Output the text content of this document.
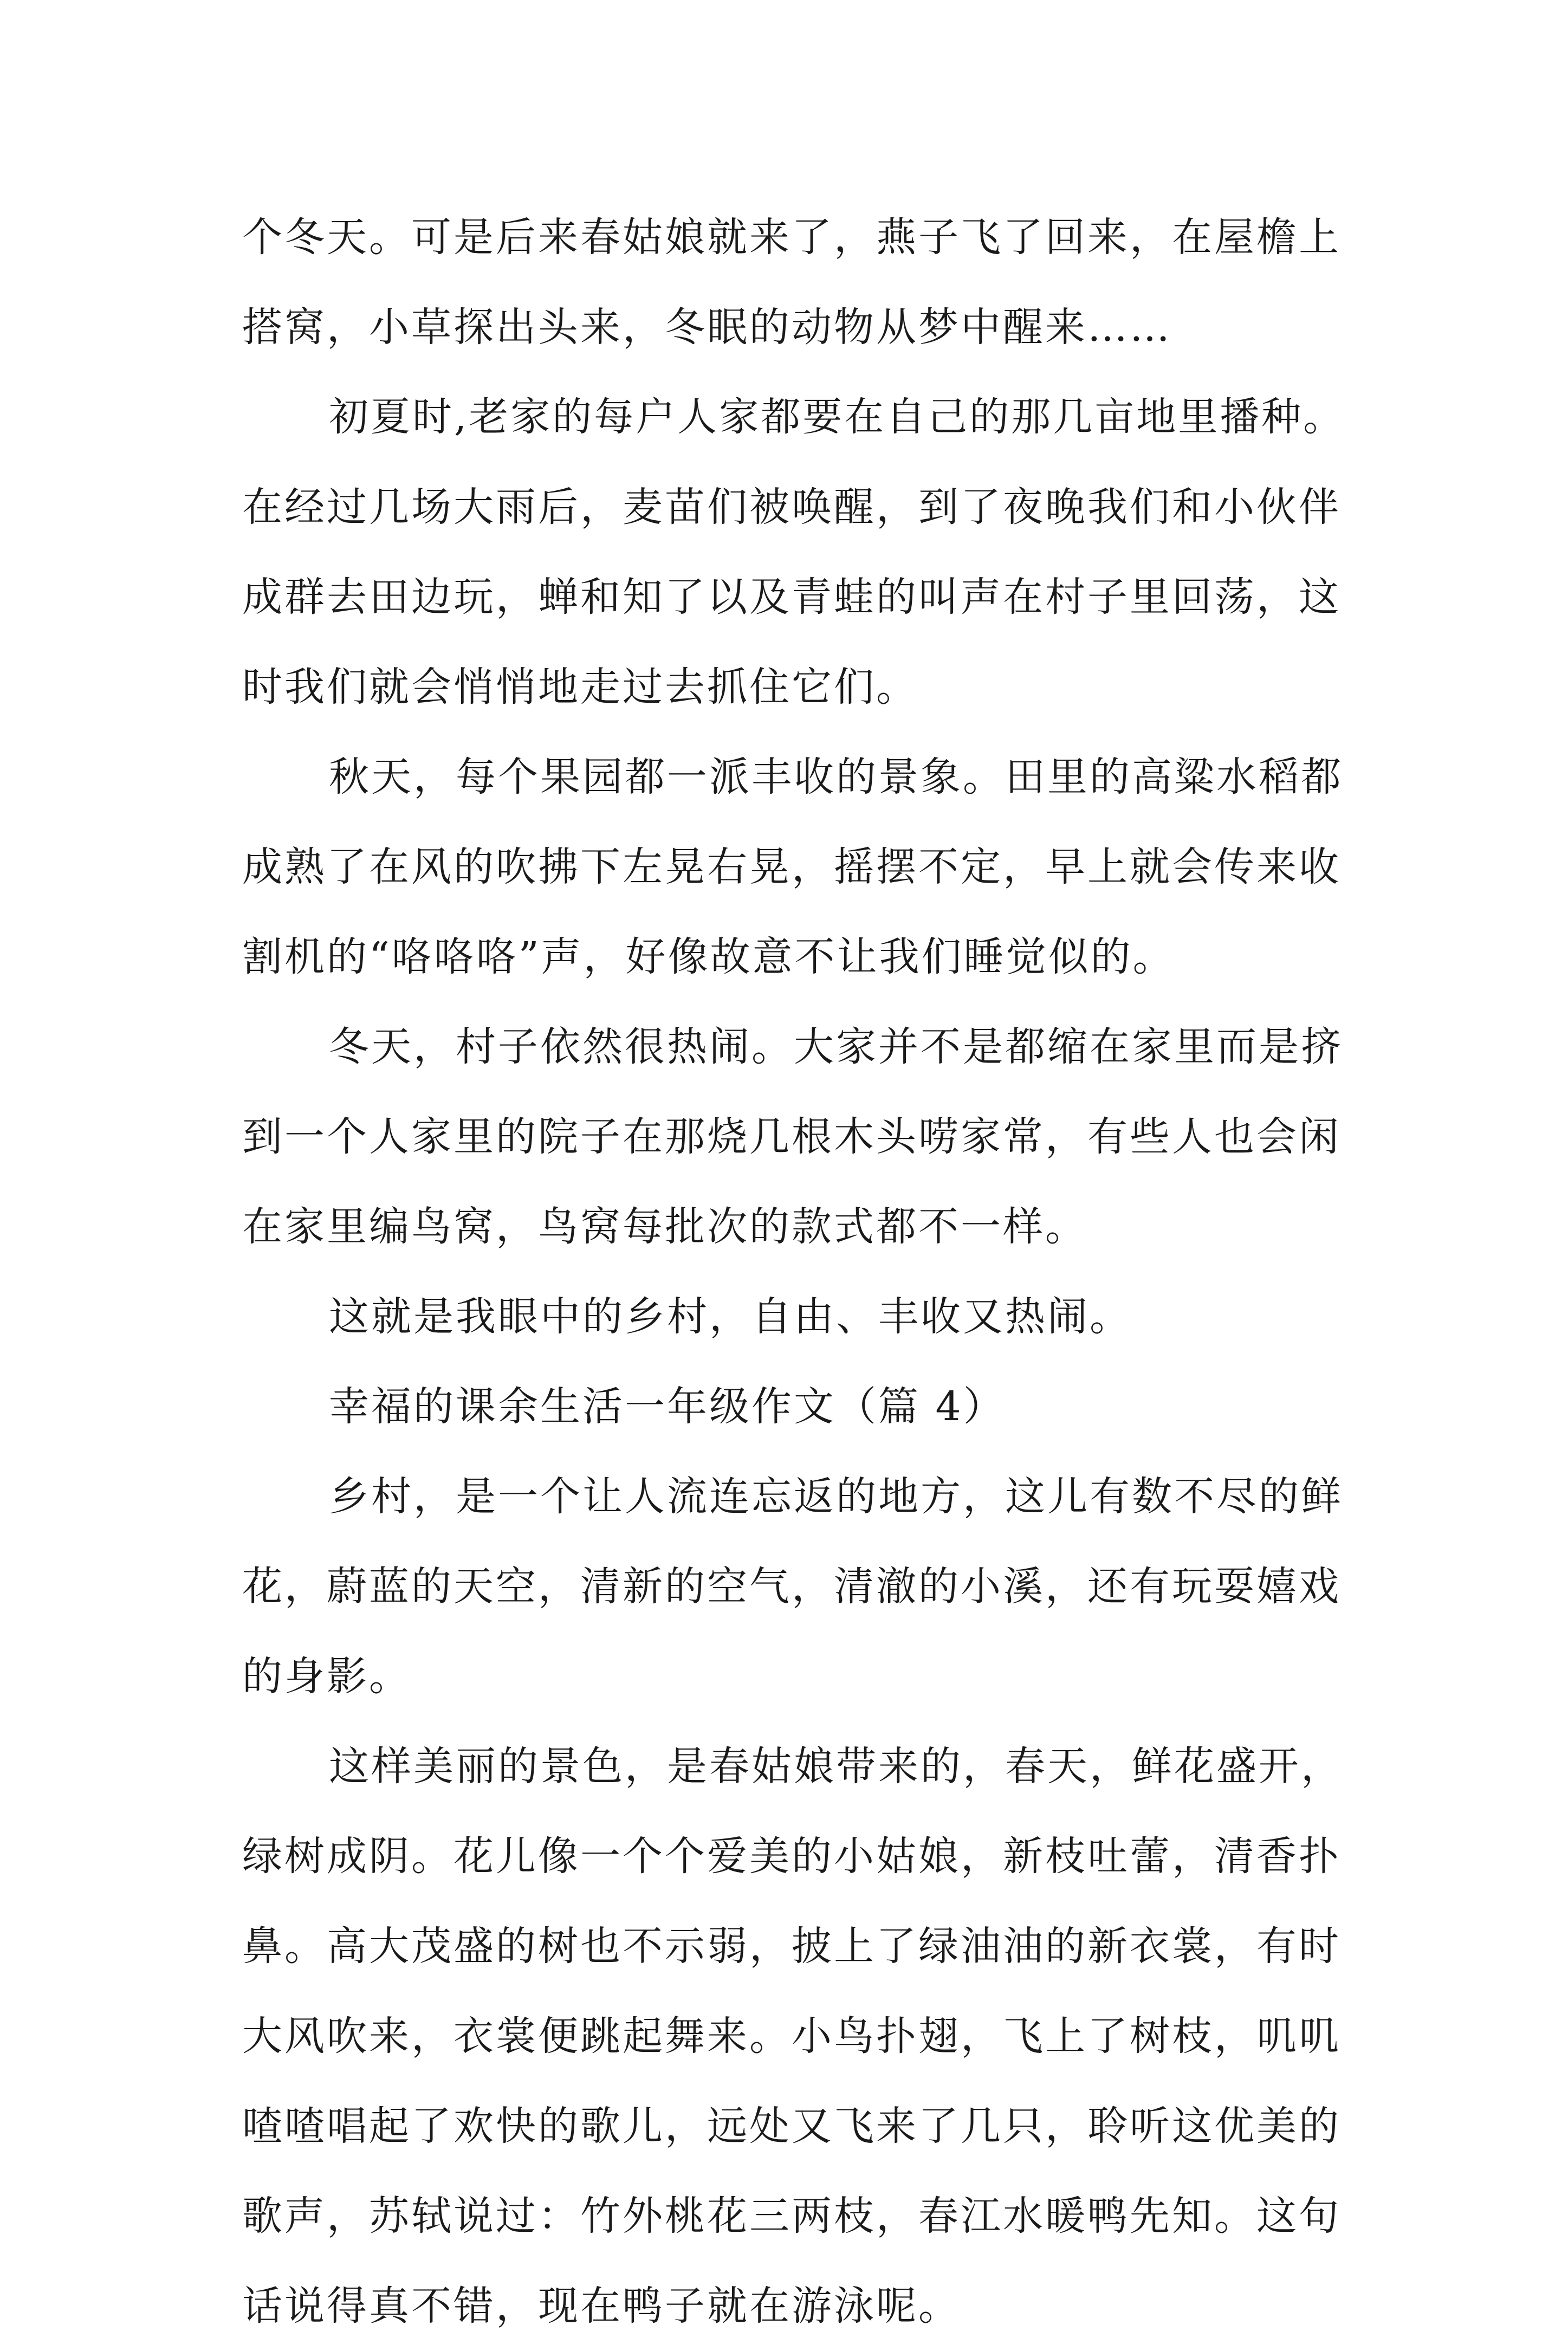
个冬天。可是后来春姑娘就来了，燕子飞了回来，在屋檐上
搭窝，小草探出头来，冬眠的动物从梦中醒来……
初夏时,老家的每户人家都要在自己的那几亩地里播种。
在经过几场大雨后，麦苗们被唤醒，到了夜晚我们和小伙伴
成群去田边玩，蝉和知了以及青蛙的叫声在村子里回荡，这
时我们就会悄悄地走过去抓住它们。
秋天，每个果园都一派丰收的景象。田里的高粱水稻都
成熟了在风的吹拂下左晃右晃，摇摆不定，早上就会传来收
割机的“咯咯咯”声，好像故意不让我们睡觉似的。
冬天，村子依然很热闹。大家并不是都缩在家里而是挤
到一个人家里的院子在那烧几根木头唠家常，有些人也会闲
在家里编鸟窝，鸟窝每批次的款式都不一样。
这就是我眼中的乡村，自由、丰收又热闹。
幸福的课余生活一年级作文（篇 4）
乡村，是一个让人流连忘返的地方，这儿有数不尽的鲜
花，蔚蓝的天空，清新的空气，清澈的小溪，还有玩耍嬉戏
的身影。
这样美丽的景色，是春姑娘带来的，春天，鲜花盛开，
绿树成阴。花儿像一个个爱美的小姑娘，新枝吐蕾，清香扑
鼻。高大茂盛的树也不示弱，披上了绿油油的新衣裳，有时
大风吹来，衣裳便跳起舞来。小鸟扑翅，飞上了树枝，叽叽
喳喳唱起了欢快的歌儿，远处又飞来了几只，聆听这优美的
歌声，苏轼说过：竹外桃花三两枝，春江水暖鸭先知。这句
话说得真不错，现在鸭子就在游泳呢。
